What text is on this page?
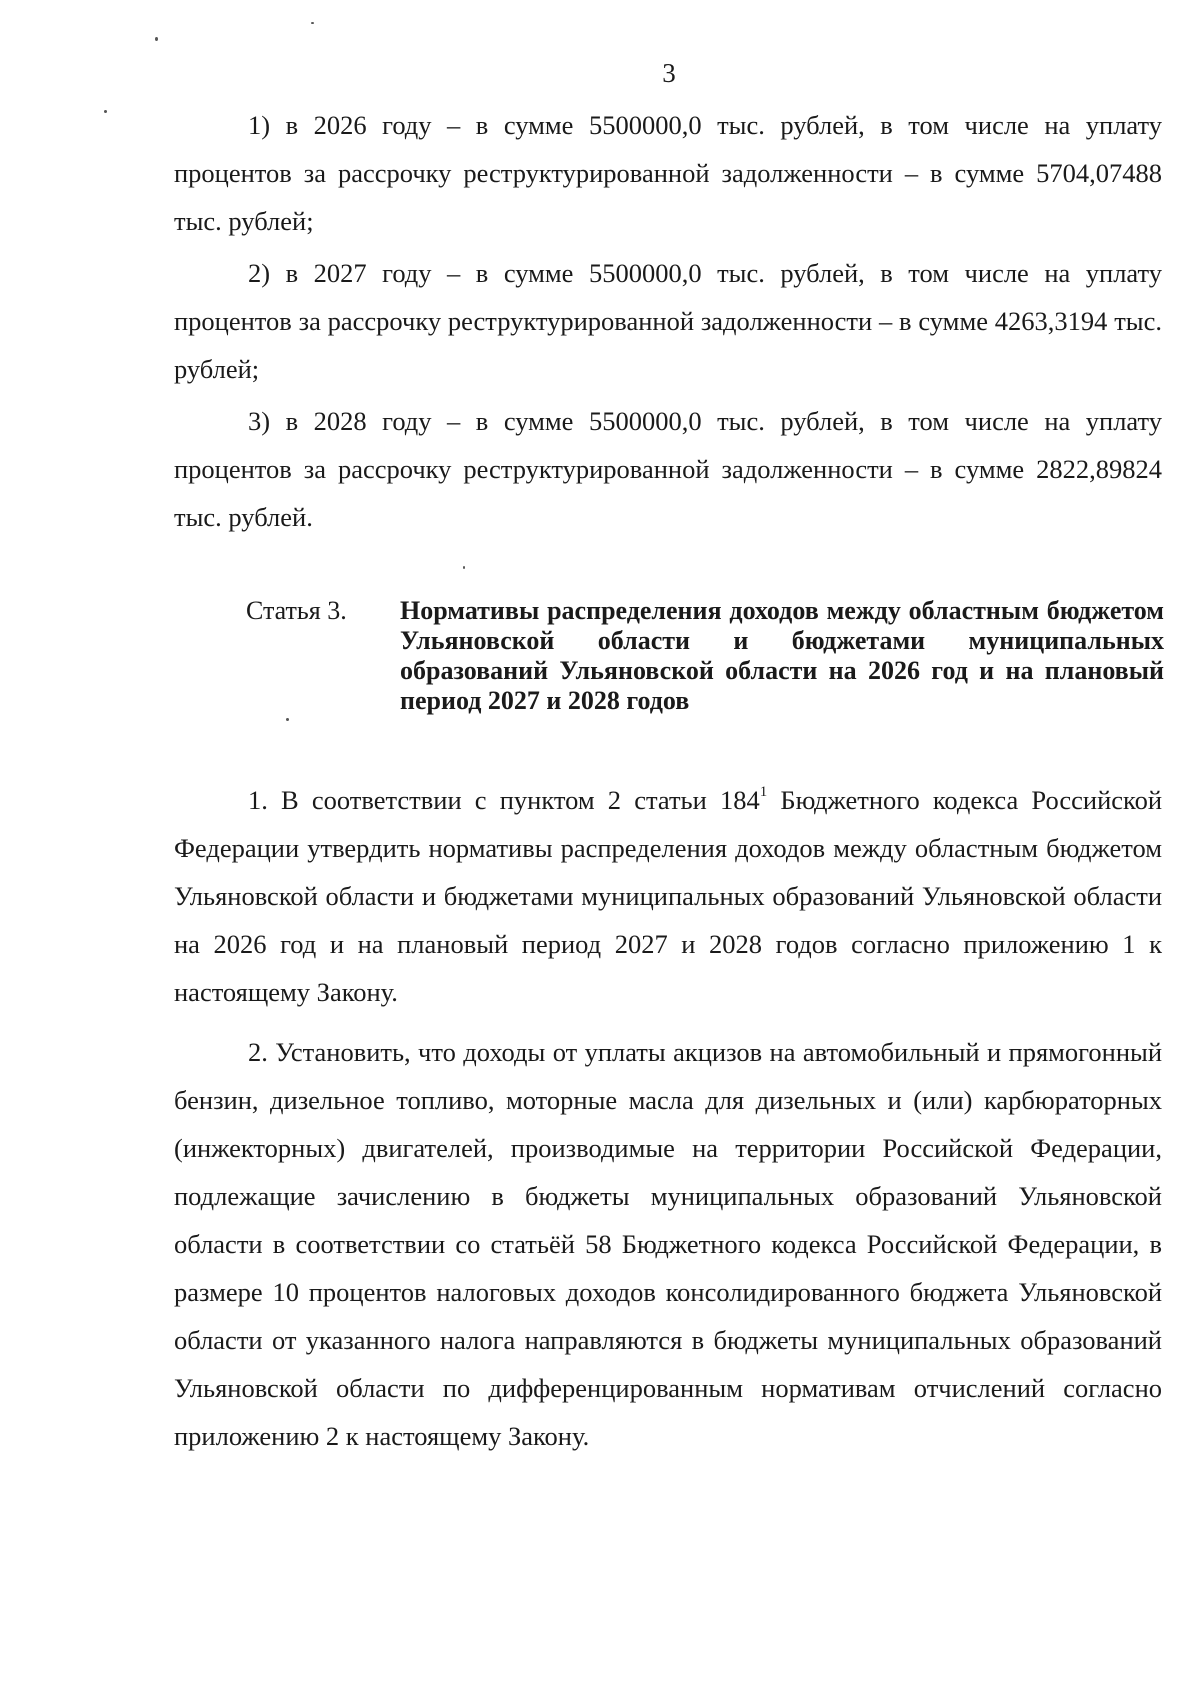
3

1) в 2026 году – в сумме 5500000,0 тыс. рублей, в том числе на уплату процентов за рассрочку реструктурированной задолженности – в сумме 5704,07488 тыс. рублей;

2) в 2027 году – в сумме 5500000,0 тыс. рублей, в том числе на уплату процентов за рассрочку реструктурированной задолженности – в сумме 4263,3194 тыс. рублей;

3) в 2028 году – в сумме 5500000,0 тыс. рублей, в том числе на уплату процентов за рассрочку реструктурированной задолженности – в сумме 2822,89824 тыс. рублей.

Статья 3. Нормативы распределения доходов между областным бюджетом Ульяновской области и бюджетами муниципальных образований Ульяновской области на 2026 год и на плановый период 2027 и 2028 годов

1. В соответствии с пунктом 2 статьи $184^1$ Бюджетного кодекса Российской Федерации утвердить нормативы распределения доходов между областным бюджетом Ульяновской области и бюджетами муниципальных образований Ульяновской области на 2026 год и на плановый период 2027 и 2028 годов согласно приложению 1 к настоящему Закону.

2. Установить, что доходы от уплаты акцизов на автомобильный и прямогонный бензин, дизельное топливо, моторные масла для дизельных и (или) карбюраторных (инжекторных) двигателей, производимые на территории Российской Федерации, подлежащие зачислению в бюджеты муниципальных образований Ульяновской области в соответствии со статьёй 58 Бюджетного кодекса Российской Федерации, в размере 10 процентов налоговых доходов консолидированного бюджета Ульяновской области от указанного налога направляются в бюджеты муниципальных образований Ульяновской области по дифференцированным нормативам отчислений согласно приложению 2 к настоящему Закону.
